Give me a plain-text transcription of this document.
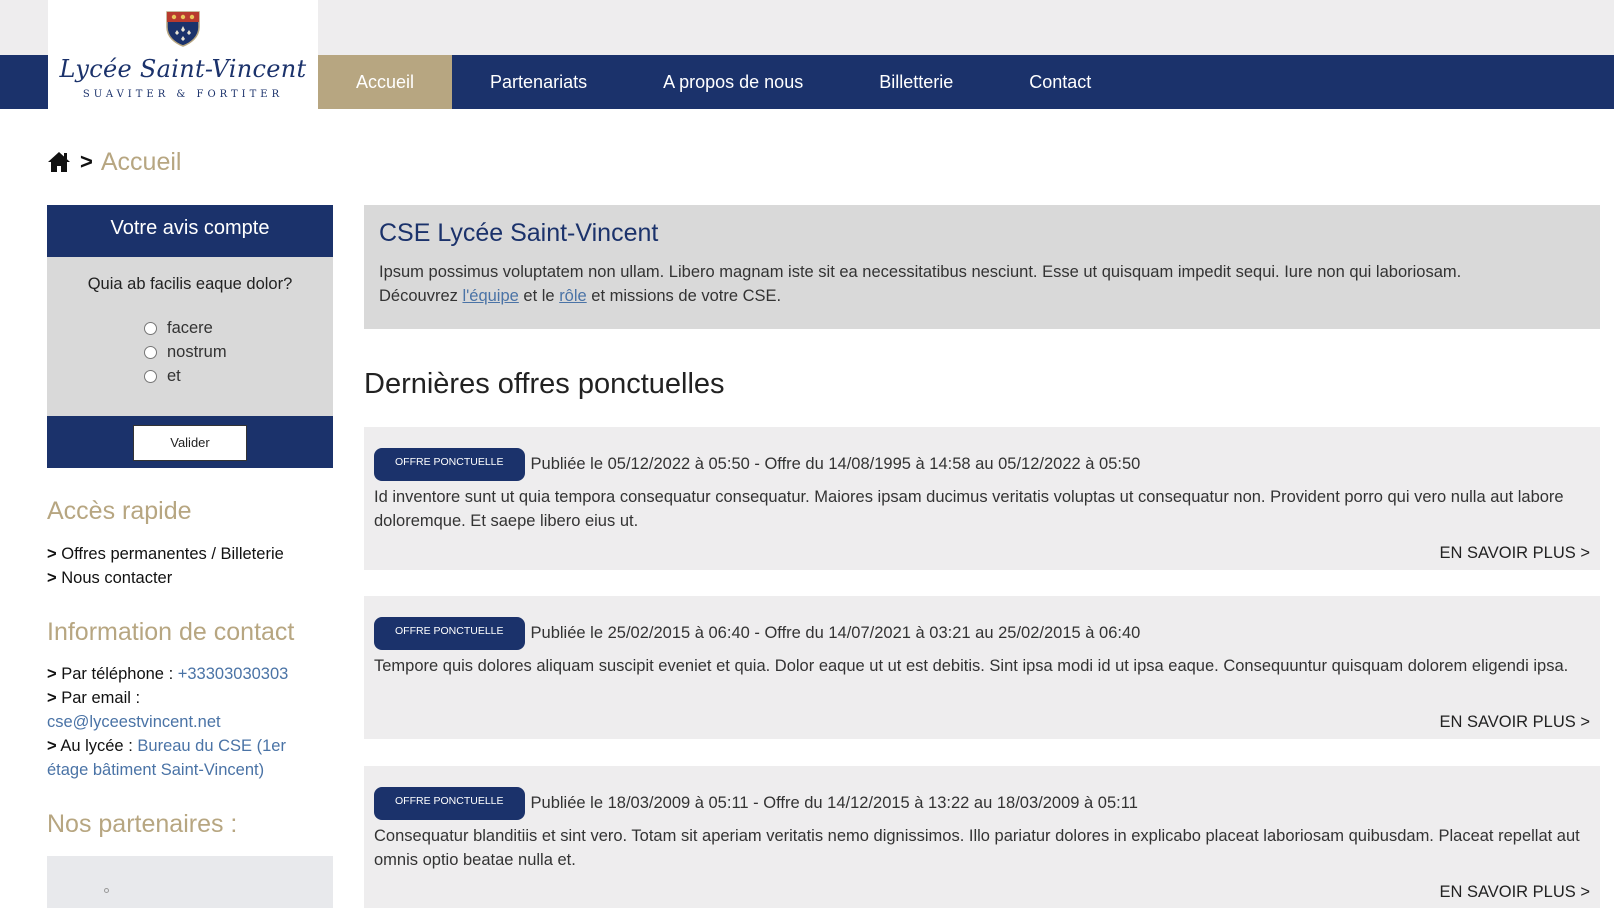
Lycée Saint-Vincent
SUAVITER & FORTITER
Accueil	Partenariats	A propos de nous	Billetterie	Contact
> Accueil
Votre avis compte
Quia ab facilis eaque dolor?
facere
nostrum
et
Valider
Accès rapide
> Offres permanentes / Billeterie
> Nous contacter
Information de contact
> Par téléphone : +33303030303
> Par email :
cse@lyceestvincent.net
> Au lycée : Bureau du CSE (1er
étage bâtiment Saint-Vincent)
Nos partenaires :
CSE Lycée Saint-Vincent
Ipsum possimus voluptatem non ullam. Libero magnam iste sit ea necessitatibus nesciunt. Esse ut quisquam impedit sequi. Iure non qui laboriosam.
Découvrez l'équipe et le rôle et missions de votre CSE.
Dernières offres ponctuelles
OFFRE PONCTUELLE	Publiée le 05/12/2022 à 05:50 - Offre du 14/08/1995 à 14:58 au 05/12/2022 à 05:50
Id inventore sunt ut quia tempora consequatur consequatur. Maiores ipsam ducimus veritatis voluptas ut consequatur non. Provident porro qui vero nulla aut labore doloremque. Et saepe libero eius ut.
EN SAVOIR PLUS >
OFFRE PONCTUELLE	Publiée le 25/02/2015 à 06:40 - Offre du 14/07/2021 à 03:21 au 25/02/2015 à 06:40
Tempore quis dolores aliquam suscipit eveniet et quia. Dolor eaque ut ut est debitis. Sint ipsa modi id ut ipsa eaque. Consequuntur quisquam dolorem eligendi ipsa.
EN SAVOIR PLUS >
OFFRE PONCTUELLE	Publiée le 18/03/2009 à 05:11 - Offre du 14/12/2015 à 13:22 au 18/03/2009 à 05:11
Consequatur blanditiis et sint vero. Totam sit aperiam veritatis nemo dignissimos. Illo pariatur dolores in explicabo placeat laboriosam quibusdam. Placeat repellat aut omnis optio beatae nulla et.
EN SAVOIR PLUS >
